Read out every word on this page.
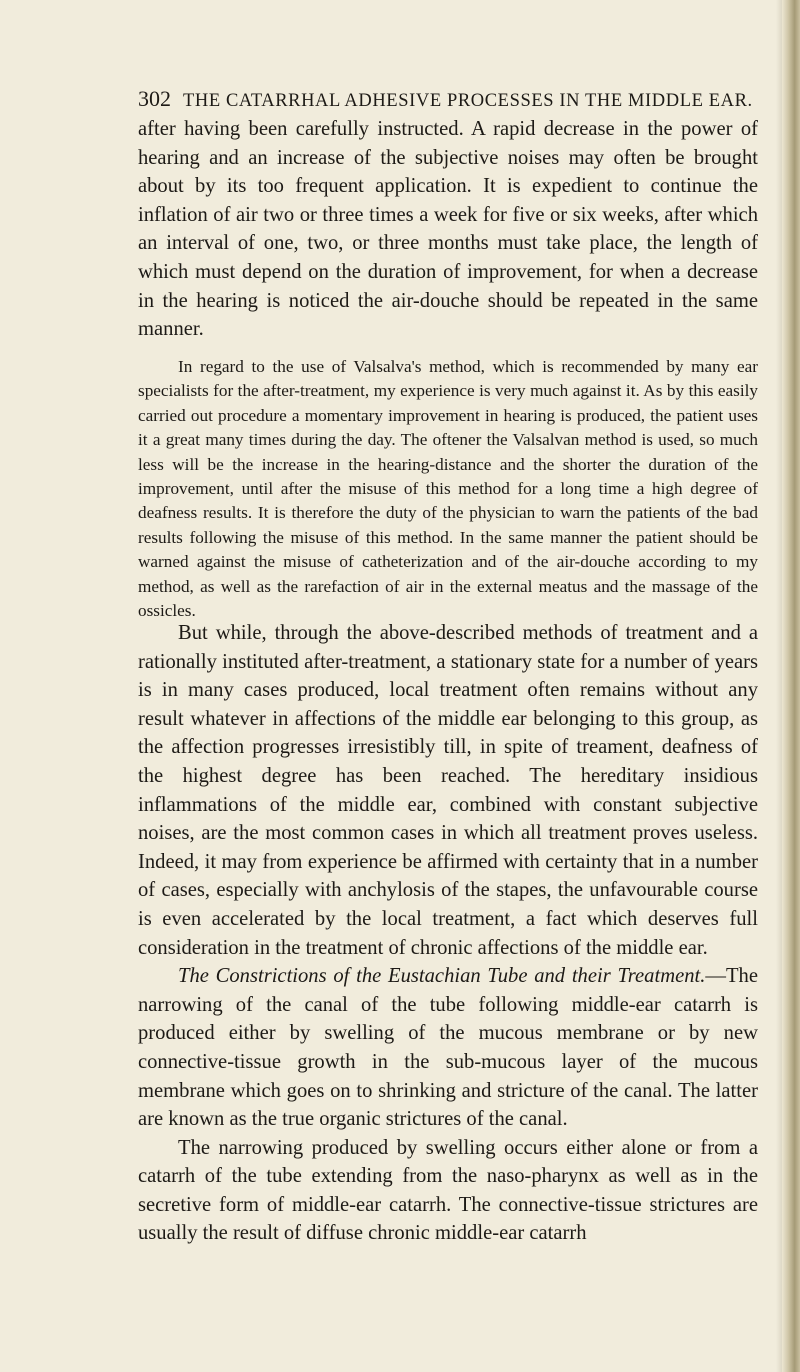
302 THE CATARRHAL ADHESIVE PROCESSES IN THE MIDDLE EAR.
after having been carefully instructed. A rapid decrease in the power of hearing and an increase of the subjective noises may often be brought about by its too frequent application. It is expedient to continue the inflation of air two or three times a week for five or six weeks, after which an interval of one, two, or three months must take place, the length of which must depend on the duration of improvement, for when a decrease in the hearing is noticed the air-douche should be repeated in the same manner.
In regard to the use of Valsalva's method, which is recommended by many ear specialists for the after-treatment, my experience is very much against it. As by this easily carried out procedure a momentary improvement in hearing is produced, the patient uses it a great many times during the day. The oftener the Valsalvan method is used, so much less will be the increase in the hearing-distance and the shorter the duration of the improvement, until after the misuse of this method for a long time a high degree of deafness results. It is therefore the duty of the physician to warn the patients of the bad results following the misuse of this method. In the same manner the patient should be warned against the misuse of catheterization and of the air-douche according to my method, as well as the rarefaction of air in the external meatus and the massage of the ossicles.
But while, through the above-described methods of treatment and a rationally instituted after-treatment, a stationary state for a number of years is in many cases produced, local treatment often remains without any result whatever in affections of the middle ear belonging to this group, as the affection progresses irresistibly till, in spite of treament, deafness of the highest degree has been reached. The hereditary insidious inflammations of the middle ear, combined with constant subjective noises, are the most common cases in which all treatment proves useless. Indeed, it may from experience be affirmed with certainty that in a number of cases, especially with anchylosis of the stapes, the unfavourable course is even accelerated by the local treatment, a fact which deserves full consideration in the treatment of chronic affections of the middle ear.
The Constrictions of the Eustachian Tube and their Treatment.—The narrowing of the canal of the tube following middle-ear catarrh is produced either by swelling of the mucous membrane or by new connective-tissue growth in the sub-mucous layer of the mucous membrane which goes on to shrinking and stricture of the canal. The latter are known as the true organic strictures of the canal.
The narrowing produced by swelling occurs either alone or from a catarrh of the tube extending from the naso-pharynx as well as in the secretive form of middle-ear catarrh. The connective-tissue strictures are usually the result of diffuse chronic middle-ear catarrh
